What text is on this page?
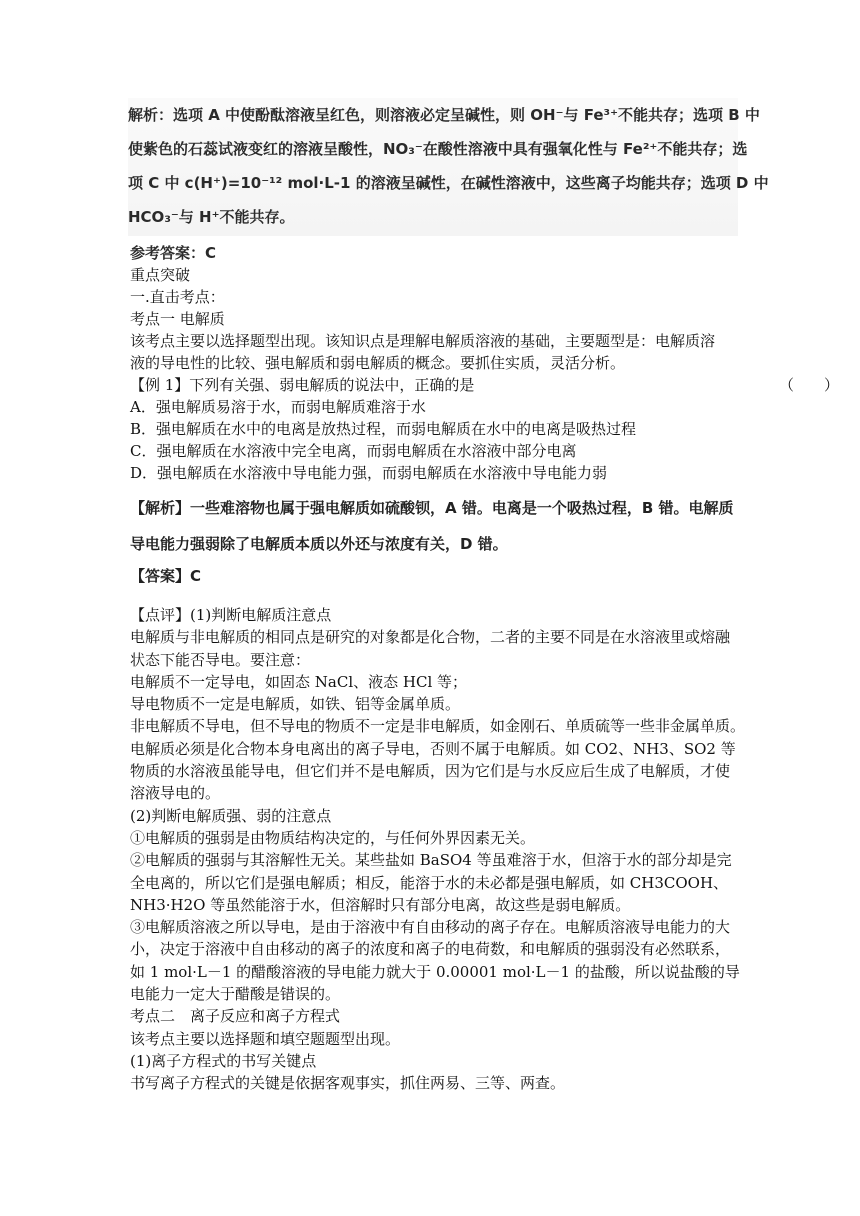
解析：选项 A 中使酚酞溶液呈红色，则溶液必定呈碱性，则 OH⁻与 Fe³⁺不能共存；选项 B 中
使紫色的石蕊试液变红的溶液呈酸性，NO₃⁻在酸性溶液中具有强氧化性与 Fe²⁺不能共存；选
项 C 中 c(H⁺)=10⁻¹² mol·L-1 的溶液呈碱性，在碱性溶液中，这些离子均能共存；选项 D 中
HCO₃⁻与 H⁺不能共存。
参考答案：C
重点突破
一.直击考点：
考点一 电解质
该考点主要以选择题型出现。该知识点是理解电解质溶液的基础，主要题型是：电解质溶
液的导电性的比较、强电解质和弱电解质的概念。要抓住实质，灵活分析。
【例 1】下列有关强、弱电解质的说法中，正确的是	（　　）
A．强电解质易溶于水，而弱电解质难溶于水
B．强电解质在水中的电离是放热过程，而弱电解质在水中的电离是吸热过程
C．强电解质在水溶液中完全电离，而弱电解质在水溶液中部分电离
D．强电解质在水溶液中导电能力强，而弱电解质在水溶液中导电能力弱
【解析】一些难溶物也属于强电解质如硫酸钡，A 错。电离是一个吸热过程，B 错。电解质
导电能力强弱除了电解质本质以外还与浓度有关，D 错。
【答案】C
【点评】(1)判断电解质注意点
电解质与非电解质的相同点是研究的对象都是化合物，二者的主要不同是在水溶液里或熔融
状态下能否导电。要注意：
电解质不一定导电，如固态 NaCl、液态 HCl 等；
导电物质不一定是电解质，如铁、铝等金属单质。
非电解质不导电，但不导电的物质不一定是非电解质，如金刚石、单质硫等一些非金属单质。
电解质必须是化合物本身电离出的离子导电，否则不属于电解质。如 CO2、NH3、SO2 等
物质的水溶液虽能导电，但它们并不是电解质，因为它们是与水反应后生成了电解质，才使
溶液导电的。
(2)判断电解质强、弱的注意点
①电解质的强弱是由物质结构决定的，与任何外界因素无关。
②电解质的强弱与其溶解性无关。某些盐如 BaSO4 等虽难溶于水，但溶于水的部分却是完
全电离的，所以它们是强电解质；相反，能溶于水的未必都是强电解质，如 CH3COOH、
NH3·H2O 等虽然能溶于水，但溶解时只有部分电离，故这些是弱电解质。
③电解质溶液之所以导电，是由于溶液中有自由移动的离子存在。电解质溶液导电能力的大
小，决定于溶液中自由移动的离子的浓度和离子的电荷数，和电解质的强弱没有必然联系，
如 1 mol·L－1 的醋酸溶液的导电能力就大于 0.00001 mol·L－1 的盐酸，所以说盐酸的导
电能力一定大于醋酸是错误的。
考点二　离子反应和离子方程式
该考点主要以选择题和填空题题型出现。
(1)离子方程式的书写关键点
书写离子方程式的关键是依据客观事实，抓住两易、三等、两查。
